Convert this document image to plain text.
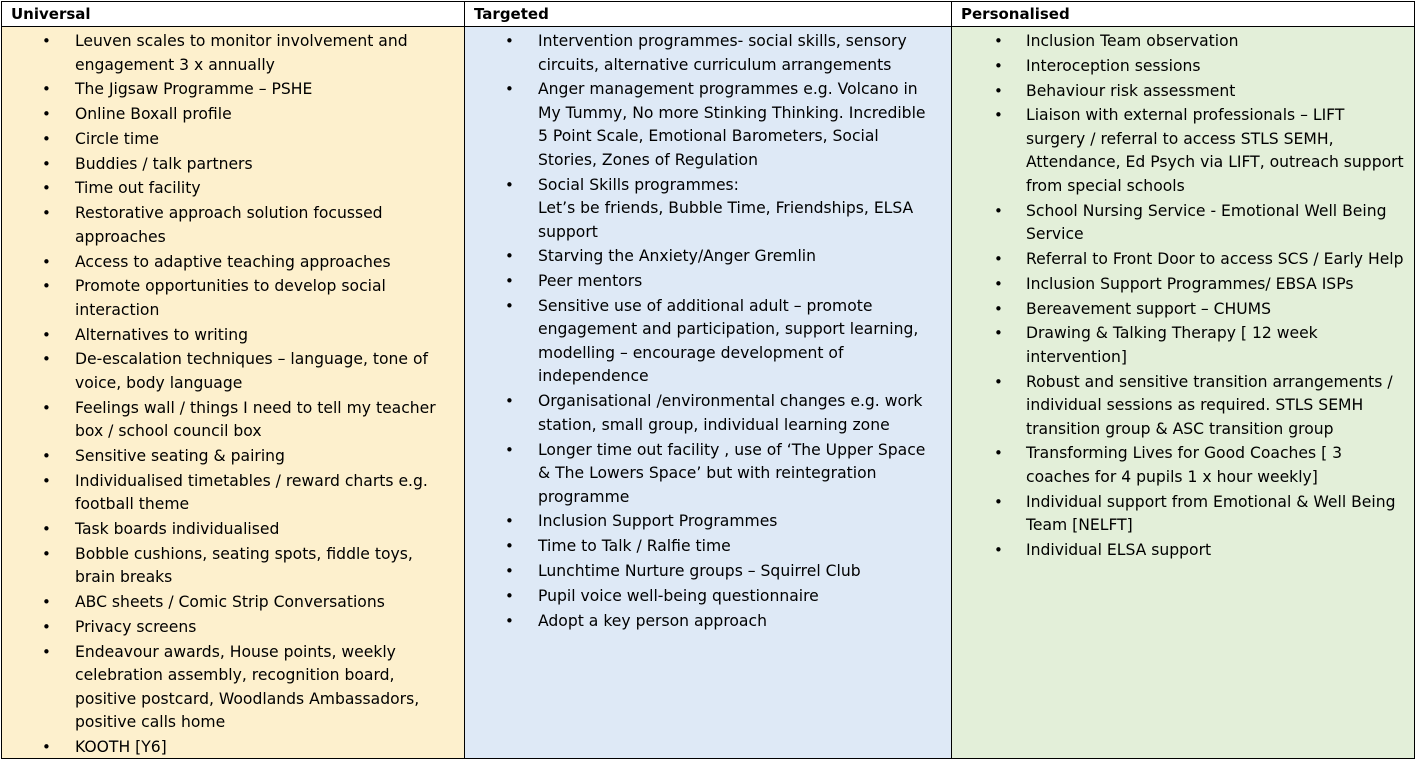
Universal
• Leuven scales to monitor involvement and
engagement 3 x annually
• The Jigsaw Programme – PSHE
• Online Boxall profile
• Circle time
• Buddies / talk partners
• Time out facility
• Restorative approach solution focussed
approaches
• Access to adaptive teaching approaches
• Promote opportunities to develop social
interaction
• Alternatives to writing
• De-escalation techniques – language, tone of
voice, body language
• Feelings wall / things I need to tell my teacher
box / school council box
• Sensitive seating & pairing
• Individualised timetables / reward charts e.g.
football theme
• Task boards individualised
• Bobble cushions, seating spots, fiddle toys,
brain breaks
• ABC sheets / Comic Strip Conversations
• Privacy screens
• Endeavour awards, House points, weekly
celebration assembly, recognition board,
positive postcard, Woodlands Ambassadors,
positive calls home
• KOOTH [Y6]
Targeted
• Intervention programmes- social skills, sensory
circuits, alternative curriculum arrangements
• Anger management programmes e.g. Volcano in
My Tummy, No more Stinking Thinking. Incredible
5 Point Scale, Emotional Barometers, Social
Stories, Zones of Regulation
• Social Skills programmes:
Let’s be friends, Bubble Time, Friendships, ELSA
support
• Starving the Anxiety/Anger Gremlin
• Peer mentors
• Sensitive use of additional adult – promote
engagement and participation, support learning,
modelling – encourage development of
independence
• Organisational /environmental changes e.g. work
station, small group, individual learning zone
• Longer time out facility , use of ‘The Upper Space
& The Lowers Space’ but with reintegration
programme
• Inclusion Support Programmes
• Time to Talk / Ralfie time
• Lunchtime Nurture groups – Squirrel Club
• Pupil voice well-being questionnaire
• Adopt a key person approach
Personalised
• Inclusion Team observation
• Interoception sessions
• Behaviour risk assessment
• Liaison with external professionals – LIFT
surgery / referral to access STLS SEMH,
Attendance, Ed Psych via LIFT, outreach support
from special schools
• School Nursing Service - Emotional Well Being
Service
• Referral to Front Door to access SCS / Early Help
• Inclusion Support Programmes/ EBSA ISPs
• Bereavement support – CHUMS
• Drawing & Talking Therapy [ 12 week
intervention]
• Robust and sensitive transition arrangements /
individual sessions as required. STLS SEMH
transition group & ASC transition group
• Transforming Lives for Good Coaches [ 3
coaches for 4 pupils 1 x hour weekly]
• Individual support from Emotional & Well Being
Team [NELFT]
• Individual ELSA support
